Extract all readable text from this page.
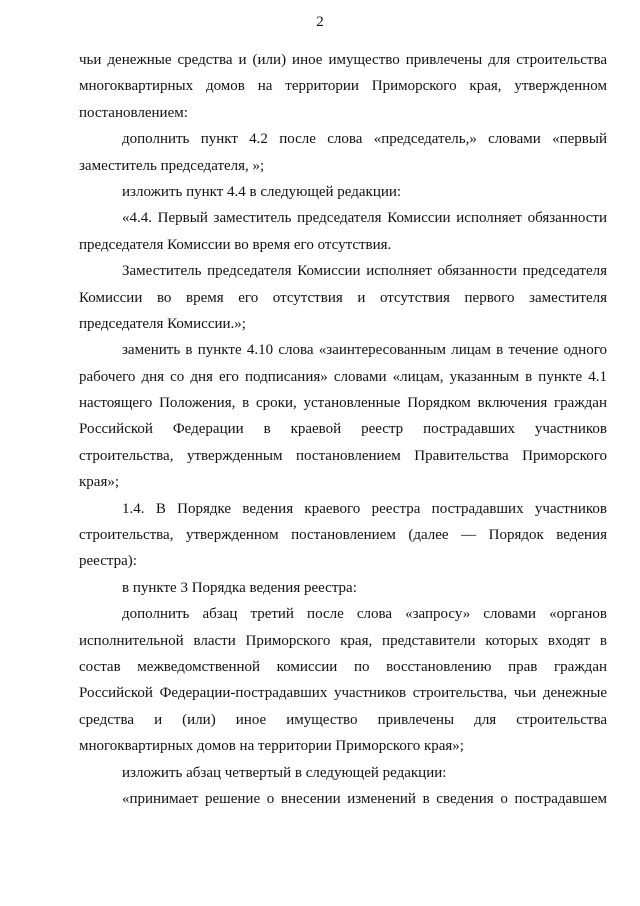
2

чьи денежные средства и (или) иное имущество привлечены для строительства
многоквартирных домов на территории Приморского края, утвержденном
постановлением:

дополнить пункт 4.2 после слова «председатель,» словами «первый
заместитель председателя, »;

изложить пункт 4.4 в следующей редакции:

«4.4. Первый заместитель председателя Комиссии исполняет обязанности
председателя Комиссии во время его отсутствия.

Заместитель председателя Комиссии исполняет обязанности председателя
Комиссии во время его отсутствия и отсутствия первого заместителя
председателя Комиссии.»;

заменить в пункте 4.10 слова «заинтересованным лицам в течение одного
рабочего дня со дня его подписания» словами «лицам, указанным в пункте 4.1
настоящего Положения, в сроки, установленные Порядком включения граждан
Российской Федерации в краевой реестр пострадавших участников
строительства, утвержденным постановлением Правительства Приморского
края»;

1.4. В Порядке ведения краевого реестра пострадавших участников
строительства, утвержденном постановлением (далее — Порядок ведения
реестра):

в пункте 3 Порядка ведения реестра:

дополнить абзац третий после слова «запросу» словами «органов
исполнительной власти Приморского края, представители которых входят в
состав межведомственной комиссии по восстановлению прав граждан
Российской Федерации-пострадавших участников строительства, чьи денежные
средства и (или) иное имущество привлечены для строительства
многоквартирных домов на территории Приморского края»;

изложить абзац четвертый в следующей редакции:

«принимает решение о внесении изменений в сведения о пострадавшем
